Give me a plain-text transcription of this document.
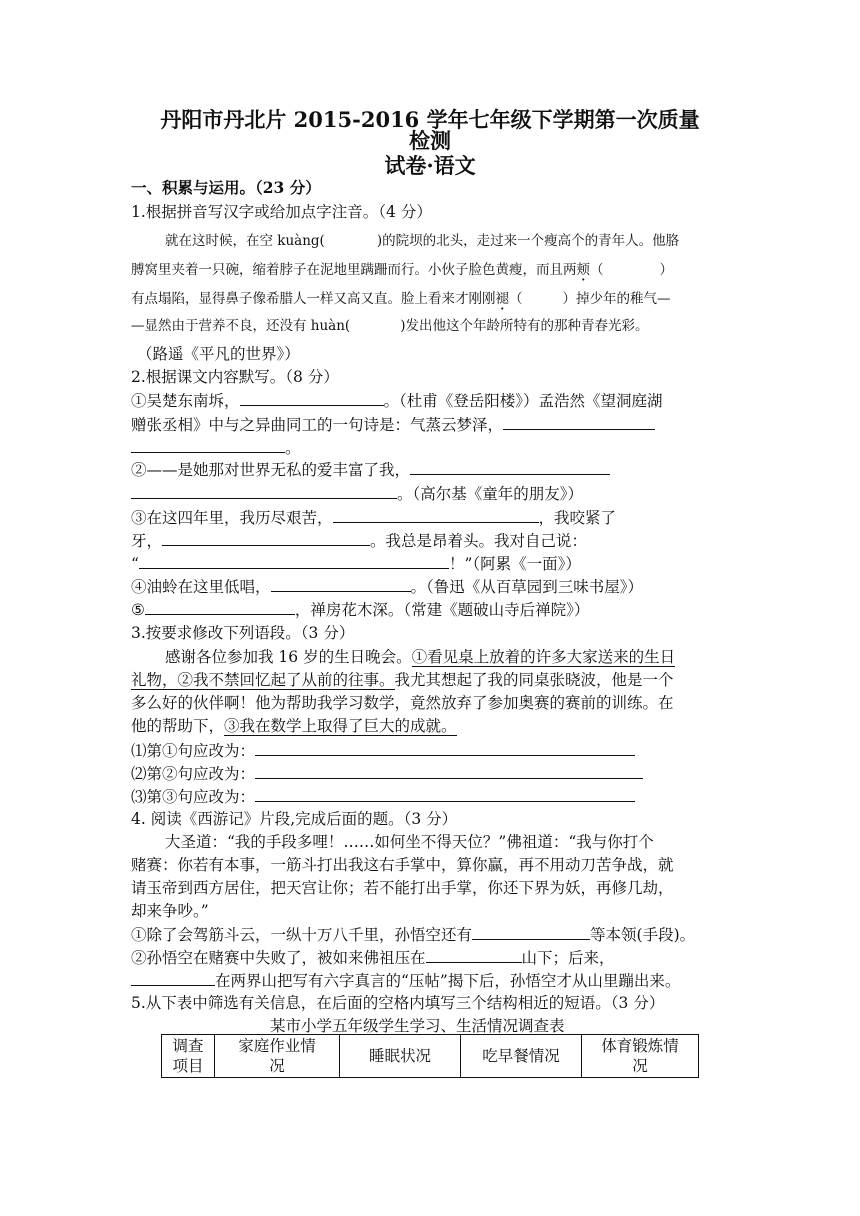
丹阳市丹北片 2015-2016 学年七年级下学期第一次质量
检测
试卷·语文
一、积累与运用。（23 分）
1.根据拼音写汉字或给加点字注音。（4 分）
就在这时候，在空 kuàng(	)的院坝的北头，走过来一个瘦高个的青年人。他胳
膊窝里夹着一只碗，缩着脖子在泥地里蹒跚而行。小伙子脸色黄瘦，而且两颊（	）
有点塌陷，显得鼻子像希腊人一样又高又直。脸上看来才刚刚褪（	）掉少年的稚气—
—显然由于营养不良，还没有 huàn(	)发出他这个年龄所特有的那种青春光彩。
（路遥《平凡的世界》）
2.根据课文内容默写。（8 分）
①吴楚东南坼，	。（杜甫《登岳阳楼》）孟浩然《望洞庭湖
赠张丞相》中与之异曲同工的一句诗是：气蒸云梦泽，
。
②——是她那对世界无私的爱丰富了我，
。（高尔基《童年的朋友》）
③在这四年里，我历尽艰苦，	，我咬紧了
牙，	。我总是昂着头。我对自己说：
“	！”（阿累《一面》）
④油蛉在这里低唱，	。（鲁迅《从百草园到三味书屋》）
⑤	，禅房花木深。（常建《题破山寺后禅院》）
3.按要求修改下列语段。（3 分）
感谢各位参加我 16 岁的生日晚会。①看见桌上放着的许多大家送来的生日
礼物，②我不禁回忆起了从前的往事。我尤其想起了我的同桌张晓波，他是一个
多么好的伙伴啊！他为帮助我学习数学，竟然放弃了参加奥赛的赛前的训练。在
他的帮助下，③我在数学上取得了巨大的成就。
⑴第①句应改为：
⑵第②句应改为：
⑶第③句应改为：
4. 阅读《西游记》片段,完成后面的题。（3 分）
大圣道：“我的手段多哩！……如何坐不得天位？”佛祖道：“我与你打个
赌赛：你若有本事，一筋斗打出我这右手掌中，算你赢，再不用动刀苦争战，就
请玉帝到西方居住，把天宫让你；若不能打出手掌，你还下界为妖，再修几劫，
却来争吵。”
①除了会驾筋斗云，一纵十万八千里，孙悟空还有	等本领(手段)。
②孙悟空在赌赛中失败了，被如来佛祖压在	山下；后来，
在两界山把写有六字真言的“压帖”揭下后，孙悟空才从山里蹦出来。
5.从下表中筛选有关信息，在后面的空格内填写三个结构相近的短语。（3 分）
某市小学五年级学生学习、生活情况调查表
调查
项目	家庭作业情
况	睡眠状况	吃早餐情况	体育锻炼情
况
